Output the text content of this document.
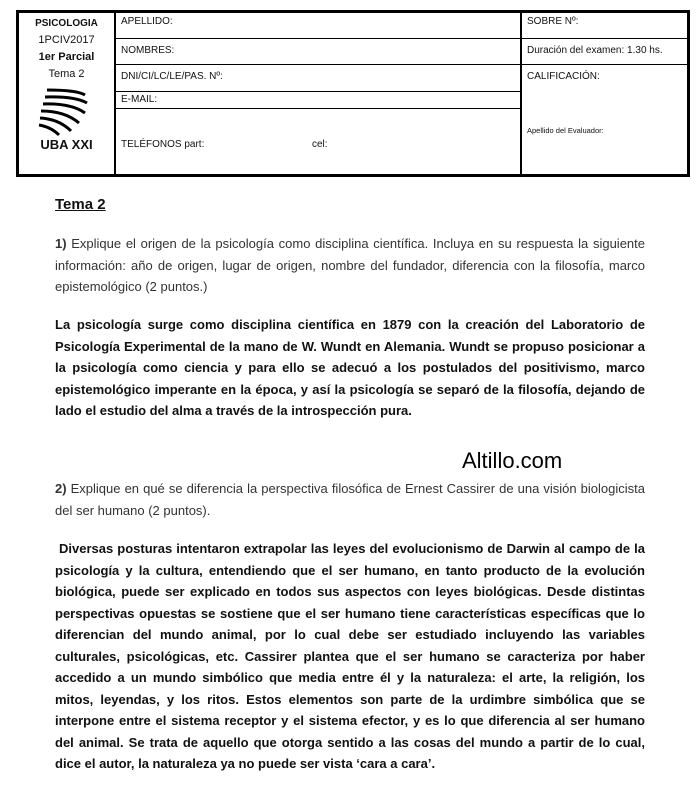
PSICOLOGIA
1PCIV2017
1er Parcial
Tema 2
UBA XXI
APELLIDO:
NOMBRES:
DNI/CI/LC/LE/PAS. Nº:
E-MAIL:
TELÉFONOS part:	cel:
SOBRE Nº:
Duración del examen: 1.30 hs.
CALIFICACIÓN:
Apellido del Evaluador:
Tema 2
1) Explique el origen de la psicología como disciplina científica. Incluya en su respuesta la siguiente información: año de origen, lugar de origen, nombre del fundador, diferencia con la filosofía, marco epistemológico (2 puntos.)
La psicología surge como disciplina científica en 1879 con la creación del Laboratorio de Psicología Experimental de la mano de W. Wundt en Alemania. Wundt se propuso posicionar a la psicología como ciencia y para ello se adecuó a los postulados del positivismo, marco epistemológico imperante en la época, y así la psicología se separó de la filosofía, dejando de lado el estudio del alma a través de la introspección pura.
Altillo.com
2) Explique en qué se diferencia la perspectiva filosófica de Ernest Cassirer de una visión biologicista del ser humano (2 puntos).
Diversas posturas intentaron extrapolar las leyes del evolucionismo de Darwin al campo de la psicología y la cultura, entendiendo que el ser humano, en tanto producto de la evolución biológica, puede ser explicado en todos sus aspectos con leyes biológicas. Desde distintas perspectivas opuestas se sostiene que el ser humano tiene características específicas que lo diferencian del mundo animal, por lo cual debe ser estudiado incluyendo las variables culturales, psicológicas, etc. Cassirer plantea que el ser humano se caracteriza por haber accedido a un mundo simbólico que media entre él y la naturaleza: el arte, la religión, los mitos, leyendas, y los ritos. Estos elementos son parte de la urdimbre simbólica que se interpone entre el sistema receptor y el sistema efector, y es lo que diferencia al ser humano del animal. Se trata de aquello que otorga sentido a las cosas del mundo a partir de lo cual, dice el autor, la naturaleza ya no puede ser vista ‘cara a cara’.
